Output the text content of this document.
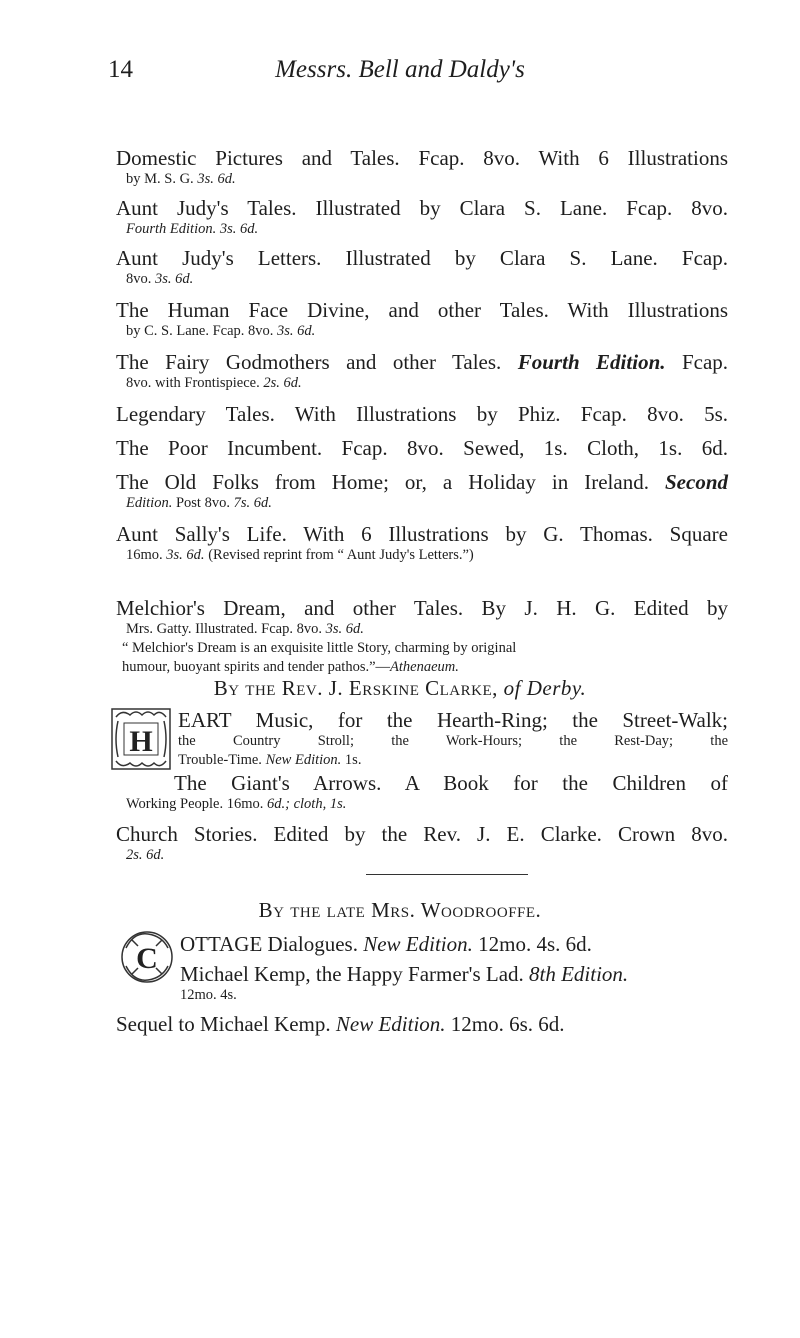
14	Messrs. Bell and Daldy's
Domestic Pictures and Tales. Fcap. 8vo. With 6 Illustrations
by M. S. G. 3s. 6d.
Aunt Judy's Tales. Illustrated by Clara S. Lane. Fcap. 8vo.
Fourth Edition. 3s. 6d.
Aunt Judy's Letters. Illustrated by Clara S. Lane. Fcap.
8vo. 3s. 6d.
The Human Face Divine, and other Tales. With Illustrations
by C. S. Lane. Fcap. 8vo. 3s. 6d.
The Fairy Godmothers and other Tales. Fourth Edition. Fcap.
8vo. with Frontispiece. 2s. 6d.
Legendary Tales. With Illustrations by Phiz. Fcap. 8vo. 5s.
The Poor Incumbent. Fcap. 8vo. Sewed, 1s. Cloth, 1s. 6d.
The Old Folks from Home; or, a Holiday in Ireland. Second
Edition. Post 8vo. 7s. 6d.
Aunt Sally's Life. With 6 Illustrations by G. Thomas. Square
16mo. 3s. 6d. (Revised reprint from “ Aunt Judy's Letters.”)
Melchior's Dream, and other Tales. By J. H. G. Edited by
Mrs. Gatty. Illustrated. Fcap. 8vo. 3s. 6d.
“ Melchior's Dream is an exquisite little Story, charming by original
humour, buoyant spirits and tender pathos.”—Athenaeum.
By the Rev. J. Erskine Clarke, of Derby.
H
EART Music, for the Hearth-Ring; the Street-Walk;
the Country Stroll; the Work-Hours; the Rest-Day; the
Trouble-Time. New Edition. 1s.
The Giant's Arrows. A Book for the Children of
Working People. 16mo. 6d.; cloth, 1s.
Church Stories. Edited by the Rev. J. E. Clarke. Crown 8vo.
2s. 6d.
By the late Mrs. Woodrooffe.
C OTTAGE Dialogues. New Edition. 12mo. 4s. 6d.
Michael Kemp, the Happy Farmer's Lad. 8th Edition.
12mo. 4s.
Sequel to Michael Kemp. New Edition. 12mo. 6s. 6d.
